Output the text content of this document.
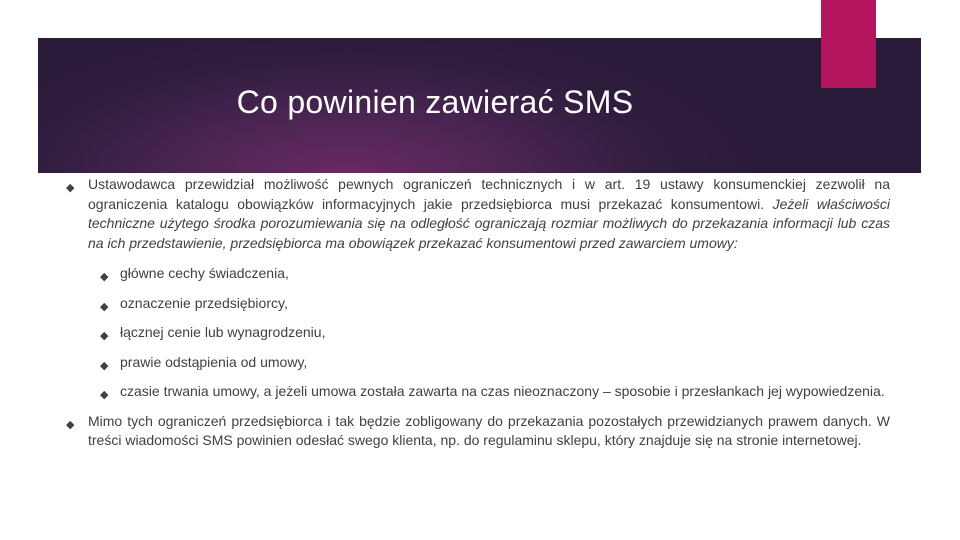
Co powinien zawierać SMS
◆ Ustawodawca przewidział możliwość pewnych ograniczeń technicznych i w art. 19 ustawy konsumenckiej zezwolił na ograniczenia katalogu obowiązków informacyjnych jakie przedsiębiorca musi przekazać konsumentowi. Jeżeli właściwości techniczne użytego środka porozumiewania się na odległość ograniczają rozmiar możliwych do przekazania informacji lub czas na ich przedstawienie, przedsiębiorca ma obowiązek przekazać konsumentowi przed zawarciem umowy:
◆ główne cechy świadczenia,
◆ oznaczenie przedsiębiorcy,
◆ łącznej cenie lub wynagrodzeniu,
◆ prawie odstąpienia od umowy,
◆ czasie trwania umowy, a jeżeli umowa została zawarta na czas nieoznaczony – sposobie i przesłankach jej wypowiedzenia.
◆ Mimo tych ograniczeń przedsiębiorca i tak będzie zobligowany do przekazania pozostałych przewidzianych prawem danych. W treści wiadomości SMS powinien odesłać swego klienta, np. do regulaminu sklepu, który znajduje się na stronie internetowej.
